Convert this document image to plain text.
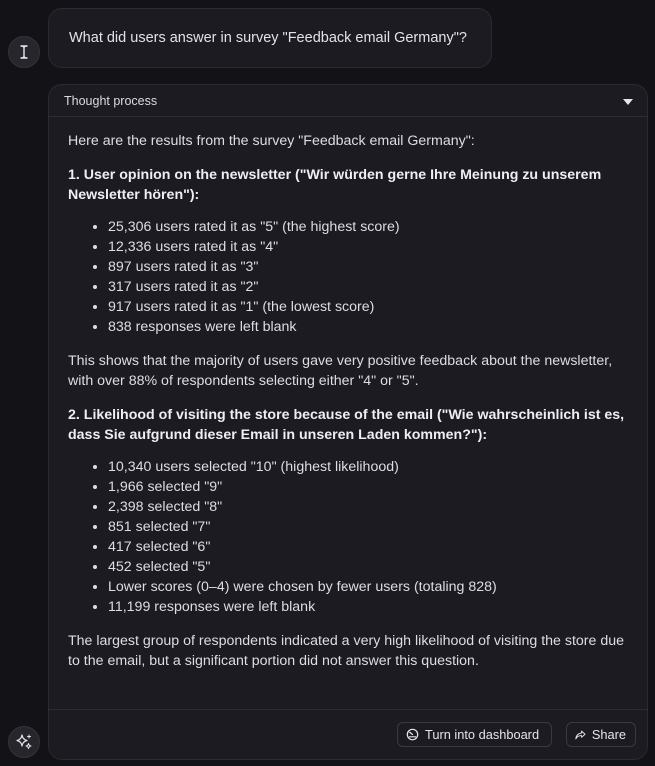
What did users answer in survey "Feedback email Germany"?
Thought process

Here are the results from the survey "Feedback email Germany":

1. User opinion on the newsletter ("Wir würden gerne Ihre Meinung zu unserem Newsletter hören"):

• 25,306 users rated it as "5" (the highest score)
• 12,336 users rated it as "4"
• 897 users rated it as "3"
• 317 users rated it as "2"
• 917 users rated it as "1" (the lowest score)
• 838 responses were left blank

This shows that the majority of users gave very positive feedback about the newsletter, with over 88% of respondents selecting either "4" or "5".

2. Likelihood of visiting the store because of the email ("Wie wahrscheinlich ist es, dass Sie aufgrund dieser Email in unseren Laden kommen?"):

• 10,340 users selected "10" (highest likelihood)
• 1,966 selected "9"
• 2,398 selected "8"
• 851 selected "7"
• 417 selected "6"
• 452 selected "5"
• Lower scores (0–4) were chosen by fewer users (totaling 828)
• 11,199 responses were left blank

The largest group of respondents indicated a very high likelihood of visiting the store due to the email, but a significant portion did not answer this question.

Turn into dashboard	Share
